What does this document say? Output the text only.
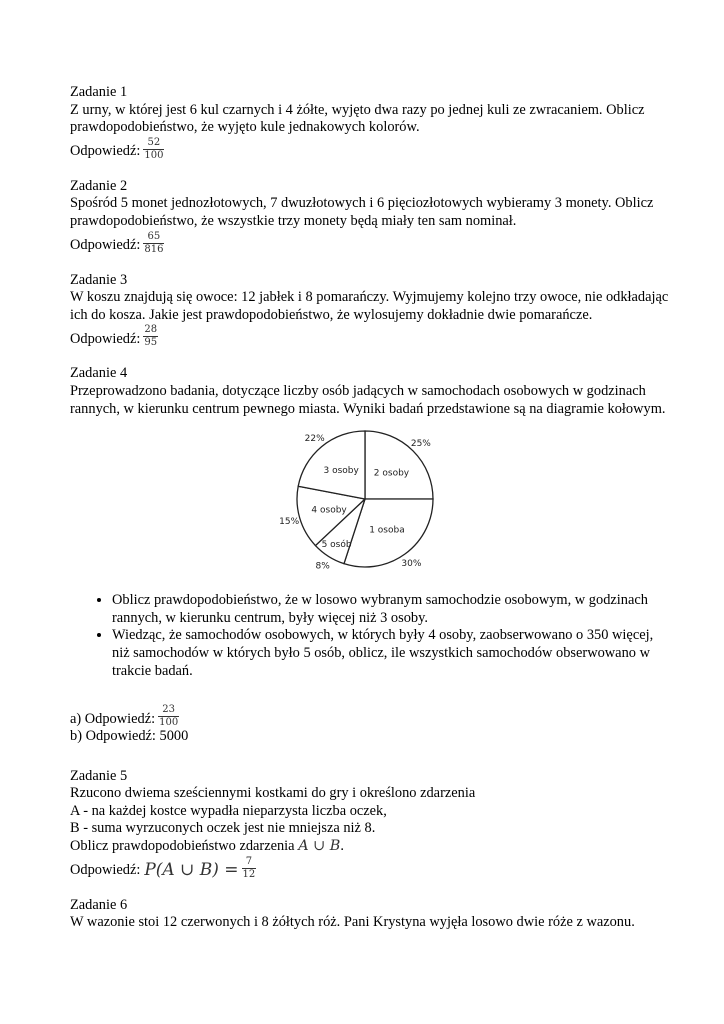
Zadanie 1

Z urny, w której jest 6 kul czarnych i 4 żółte, wyjęto dwa razy po jednej kuli ze zwracaniem. Oblicz prawdopodobieństwo, że wyjęto kule jednakowych kolorów.

Odpowiedź: $\frac{52}{100}$

Zadanie 2

Spośród 5 monet jednozłotowych, 7 dwuzłotowych i 6 pięciozłotowych wybieramy 3 monety. Oblicz prawdopodobieństwo, że wszystkie trzy monety będą miały ten sam nominał.

Odpowiedź: $\frac{65}{816}$

Zadanie 3

W koszu znajdują się owoce: 12 jabłek i 8 pomarańczy. Wyjmujemy kolejno trzy owoce, nie odkładając ich do kosza. Jakie jest prawdopodobieństwo, że wylosujemy dokładnie dwie pomarańcze.

Odpowiedź: $\frac{28}{95}$

Zadanie 4

Przeprowadzono badania, dotyczące liczby osób jadących w samochodach osobowych w godzinach rannych, w kierunku centrum pewnego miasta. Wyniki badań przedstawione są na diagramie kołowym.

2 osoby
25%
1 osoba
30%
5 osób
8%
4 osoby
15%
3 osoby
22%
• Oblicz prawdopodobieństwo, że w losowo wybranym samochodzie osobowym, w godzinach rannych, w kierunku centrum, były więcej niż 3 osoby.
• Wiedząc, że samochodów osobowych, w których były 4 osoby, zaobserwowano o 350 więcej, niż samochodów w których było 5 osób, oblicz, ile wszystkich samochodów obserwowano w trakcie badań.
a) Odpowiedź: $\frac{23}{100}$

b) Odpowiedź: 5000

Zadanie 5

Rzucono dwiema sześciennymi kostkami do gry i określono zdarzenia

A - na każdej kostce wypadła nieparzysta liczba oczek,

B - suma wyrzuconych oczek jest nie mniejsza niż 8.

Oblicz prawdopodobieństwo zdarzenia A ∪ B.

Odpowiedź: P(A ∪ $B) = \frac{7}{12}$

Zadanie 6

W wazonie stoi 12 czerwonych i 8 żółtych róż. Pani Krystyna wyjęła losowo dwie róże z wazonu.
